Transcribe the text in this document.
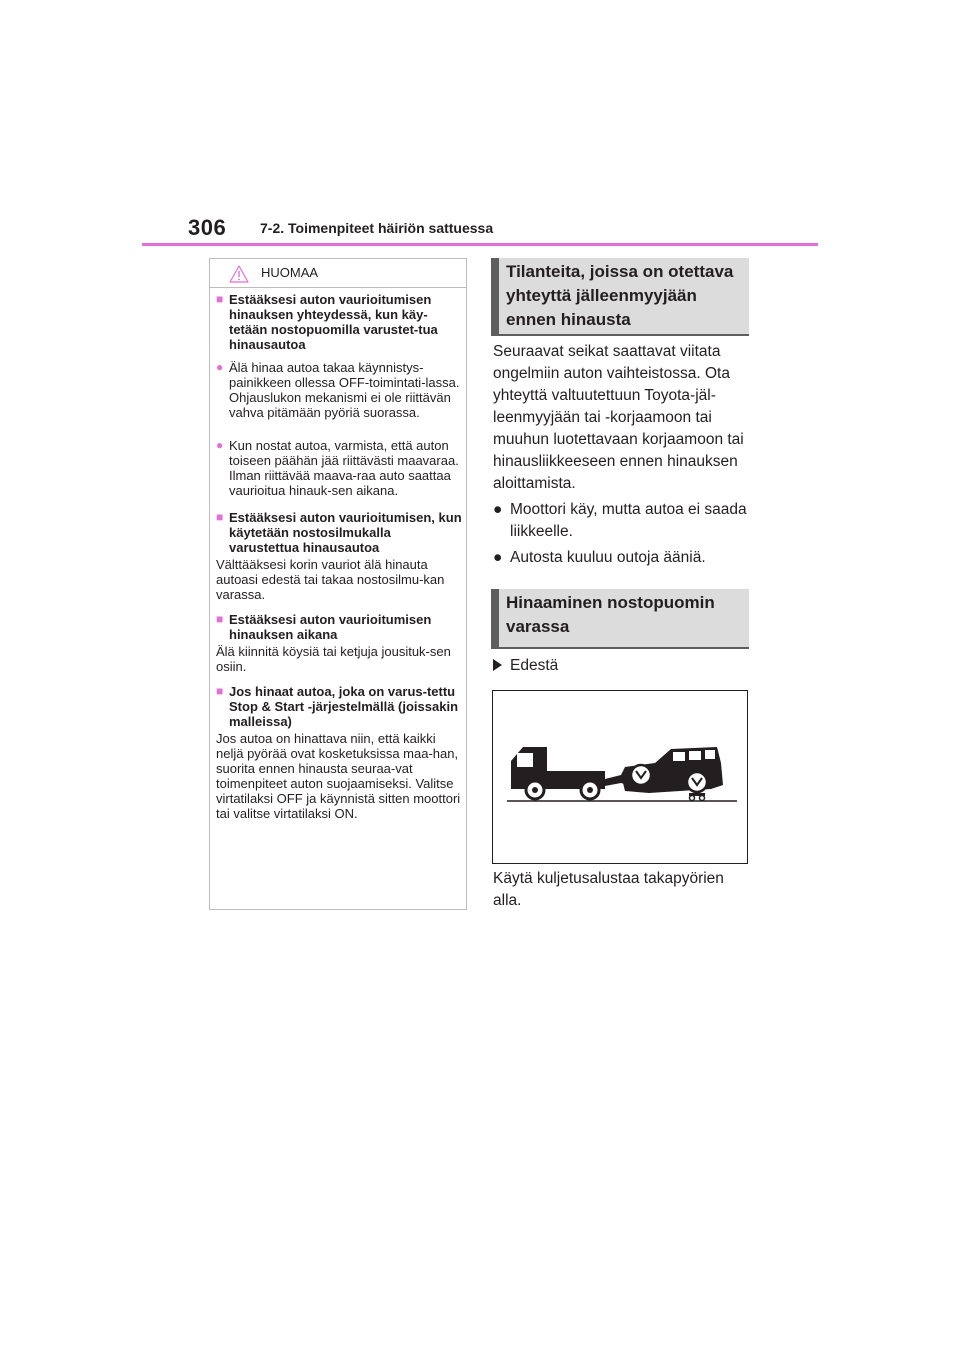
306 7-2. Toimenpiteet häiriön sattuessa
HUOMAA
■ Estääksesi auton vaurioitumisen hinauksen yhteydessä, kun käy-tetään nostopuomilla varustet-tua hinausautoa
● Älä hinaa autoa takaa käynnistys-painikkeen ollessa OFF-toimintati-lassa. Ohjauslukon mekanismi ei ole riittävän vahva pitämään pyöriä suorassa.
● Kun nostat autoa, varmista, että auton toiseen päähän jää riittävästi maavaraa. Ilman riittävää maava-raa auto saattaa vaurioitua hinauk-sen aikana.
■ Estääksesi auton vaurioitumisen, kun käytetään nostosilmukalla varustettua hinausautoa
Välttääksesi korin vauriot älä hinauta autoasi edestä tai takaa nostosilmu-kan varassa.
■ Estääksesi auton vaurioitumisen hinauksen aikana
Älä kiinnitä köysiä tai ketjuja jousituk-sen osiin.
■ Jos hinaat autoa, joka on varus-tettu Stop & Start -järjestelmällä (joissakin malleissa)
Jos autoa on hinattava niin, että kaikki neljä pyörää ovat kosketuksissa maa-han, suorita ennen hinausta seuraa-vat toimenpiteet auton suojaamiseksi. Valitse virtatilaksi OFF ja käynnistä sitten moottori tai valitse virtatilaksi ON.
Tilanteita, joissa on otettava yhteyttä jälleenmyyjään ennen hinausta
Seuraavat seikat saattavat viitata ongelmiin auton vaihteistossa. Ota yhteyttä valtuutettuun Toyota-jäl-leenmyyjään tai -korjaamoon tai muuhun luotettavaan korjaamoon tai hinausliikkeeseen ennen hinauksen aloittamista.
● Moottori käy, mutta autoa ei saada liikkeelle.
● Autosta kuuluu outoja ääniä.
Hinaaminen nostopuomin varassa
Edestä
Käytä kuljetusalustaa takapyörien alla.
